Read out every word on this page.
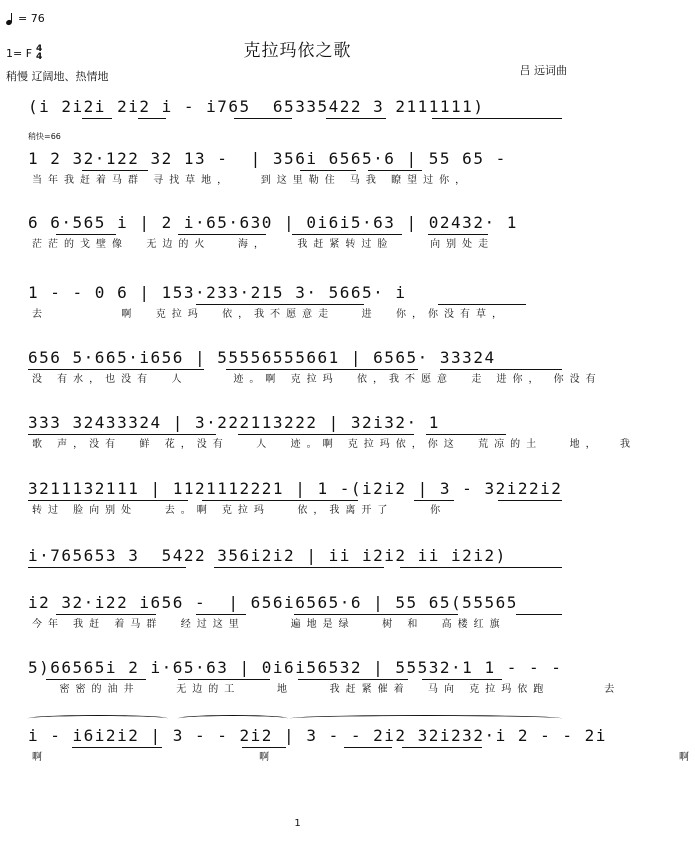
= 76
克拉玛依之歌
1= F 4
4
稍慢 辽阔地、热情地	吕 远词曲
稍快=66
(i 2i2i 2i2 i - i765  65335422 3 2111111)
1 2 32·122 32 13 -  | 356i 6565·6 | 55 65 -
当年我赶着马群 寻找草地，   到这里勒住 马我 瞭望过你，
6 6·565 i | 2 i·65·630 | 0i6i5·63 | 02432· 1
茫茫的戈壁像  无边的火   海，   我赶紧转过脸    向别处走
1 - - 0 6 | 153·233·215 3· 5665· i
去        啊  克拉玛  依，我不愿意走   进  你，你没有草，
656 5·665·i656 | 55556555661 | 6565· 33324
没 有水，也没有  人     迹。啊 克拉玛  依，我不愿意  走 进你， 你没有
333 32433324 | 3·222113222 | 32i32· 1
歌 声，没有  鲜 花，没有   人  迹。啊 克拉玛依，你这  荒凉的土   地，  我
3211132111 | 1121112221 | 1 -(i2i2 | 3 - 32i22i2
转过 脸向别处   去。啊 克拉玛   依，我离开了    你
i·765653 3  5422 356i2i2 | ii i2i2 ii i2i2)
i2 32·i22 i656 -  | 656i6565·6 | 55 65(55565
今年 我赶 着马群  经过这里     遍地是绿   树 和  高楼红旗
5)66565i 2 i·65·63 | 0i6i56532 | 55532·1 1 - - -
密密的油井    无边的工    地    我赶紧催着  马向 克拉玛依跑      去
i - i6i2i2 | 3 - - 2i2 | 3 - - 2i2 32i232·i 2 - - 2i
啊                       啊                                            啊
1
